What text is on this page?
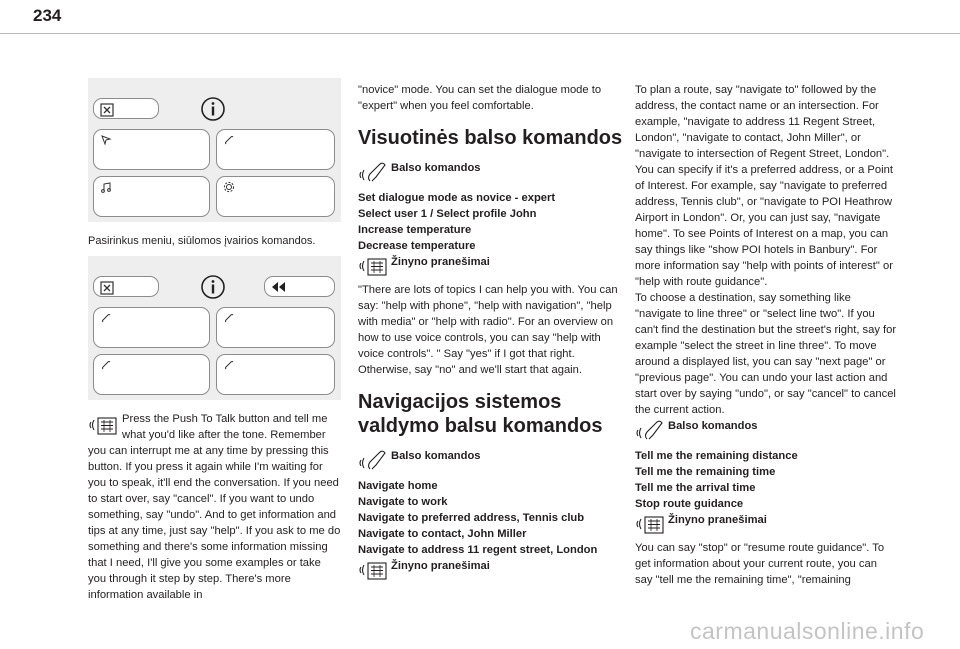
234
Pasirinkus meniu, siūlomos įvairios komandos.

Press the Push To Talk button and tell me what you'd like after the tone. Remember you can interrupt me at any time by pressing this button. If you press it again while I'm waiting for you to speak, it'll end the conversation. If you need to start over, say "cancel". If you want to undo something, say "undo". And to get information and tips at any time, just say "help". If you ask to me do something and there's some information missing that I need, I'll give you some examples or take you through it step by step. There's more information available in

"novice" mode. You can set the dialogue mode to "expert" when you feel comfortable.

Visuotinės balso komandos

Balso komandos

Set dialogue mode as novice - expert
Select user 1 / Select profile John
Increase temperature
Decrease temperature

Žinyno pranešimai

"There are lots of topics I can help you with. You can say: "help with phone", "help with navigation", "help with media" or "help with radio". For an overview on how to use voice controls, you can say "help with voice controls". " Say "yes" if I got that right. Otherwise, say "no" and we'll start that again.

Navigacijos sistemos valdymo balsu komandos

Balso komandos

Navigate home
Navigate to work
Navigate to preferred address, Tennis club
Navigate to contact, John Miller
Navigate to address 11 regent street, London

Žinyno pranešimai

To plan a route, say "navigate to" followed by the address, the contact name or an intersection. For example, "navigate to address 11 Regent Street, London", "navigate to contact, John Miller", or "navigate to intersection of Regent Street, London". You can specify if it's a preferred address, or a Point of Interest. For example, say "navigate to preferred address, Tennis club", or "navigate to POI Heathrow Airport in London". Or, you can just say, "navigate home". To see Points of Interest on a map, you can say things like "show POI hotels in Banbury". For more information say "help with points of interest" or "help with route guidance".
To choose a destination, say something like "navigate to line three" or "select line two". If you can't find the destination but the street's right, say for example "select the street in line three". To move around a displayed list, you can say "next page" or "previous page". You can undo your last action and start over by saying "undo", or say "cancel" to cancel the current action.

Balso komandos

Tell me the remaining distance
Tell me the remaining time
Tell me the arrival time
Stop route guidance

Žinyno pranešimai

You can say "stop" or "resume route guidance". To get information about your current route, you can say "tell me the remaining time", "remaining

carmanualsonline.info
